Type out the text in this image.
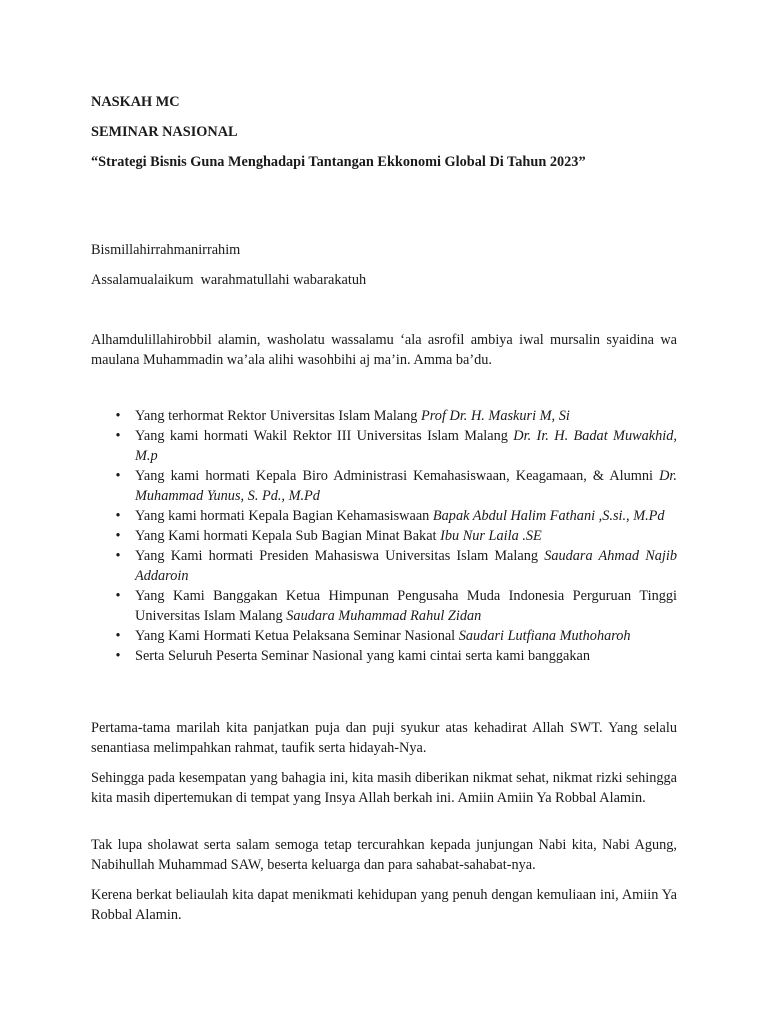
NASKAH MC

SEMINAR NASIONAL

“Strategi Bisnis Guna Menghadapi Tantangan Ekkonomi Global Di Tahun 2023”

Bismillahirrahmanirrahim

Assalamualaikum  warahmatullahi wabarakatuh

Alhamdulillahirobbil alamin, washolatu wassalamu ‘ala asrofil ambiya iwal mursalin syaidina wa maulana Muhammadin wa’ala alihi wasohbihi aj ma’in. Amma ba’du.

• Yang terhormat Rektor Universitas Islam Malang Prof Dr. H. Maskuri M, Si
• Yang kami hormati Wakil Rektor III Universitas Islam Malang Dr. Ir. H. Badat Muwakhid, M.p
• Yang kami hormati Kepala Biro Administrasi Kemahasiswaan, Keagamaan, & Alumni Dr. Muhammad Yunus, S. Pd., M.Pd
• Yang kami hormati Kepala Bagian Kehamasiswaan Bapak Abdul Halim Fathani ,S.si., M.Pd
• Yang Kami hormati Kepala Sub Bagian Minat Bakat Ibu Nur Laila .SE
• Yang Kami hormati Presiden Mahasiswa Universitas Islam Malang Saudara Ahmad Najib Addaroin
• Yang Kami Banggakan Ketua Himpunan Pengusaha Muda Indonesia Perguruan Tinggi Universitas Islam Malang Saudara Muhammad Rahul Zidan
• Yang Kami Hormati Ketua Pelaksana Seminar Nasional Saudari Lutfiana Muthoharoh
• Serta Seluruh Peserta Seminar Nasional yang kami cintai serta kami banggakan

Pertama-tama marilah kita panjatkan puja dan puji syukur atas kehadirat Allah SWT. Yang selalu senantiasa melimpahkan rahmat, taufik serta hidayah-Nya.

Sehingga pada kesempatan yang bahagia ini, kita masih diberikan nikmat sehat, nikmat rizki sehingga kita masih dipertemukan di tempat yang Insya Allah berkah ini. Amiin Amiin Ya Robbal Alamin.

Tak lupa sholawat serta salam semoga tetap tercurahkan kepada junjungan Nabi kita, Nabi Agung, Nabihullah Muhammad SAW, beserta keluarga dan para sahabat-sahabat-nya.

Kerena berkat beliaulah kita dapat menikmati kehidupan yang penuh dengan kemuliaan ini, Amiin Ya Robbal Alamin.
